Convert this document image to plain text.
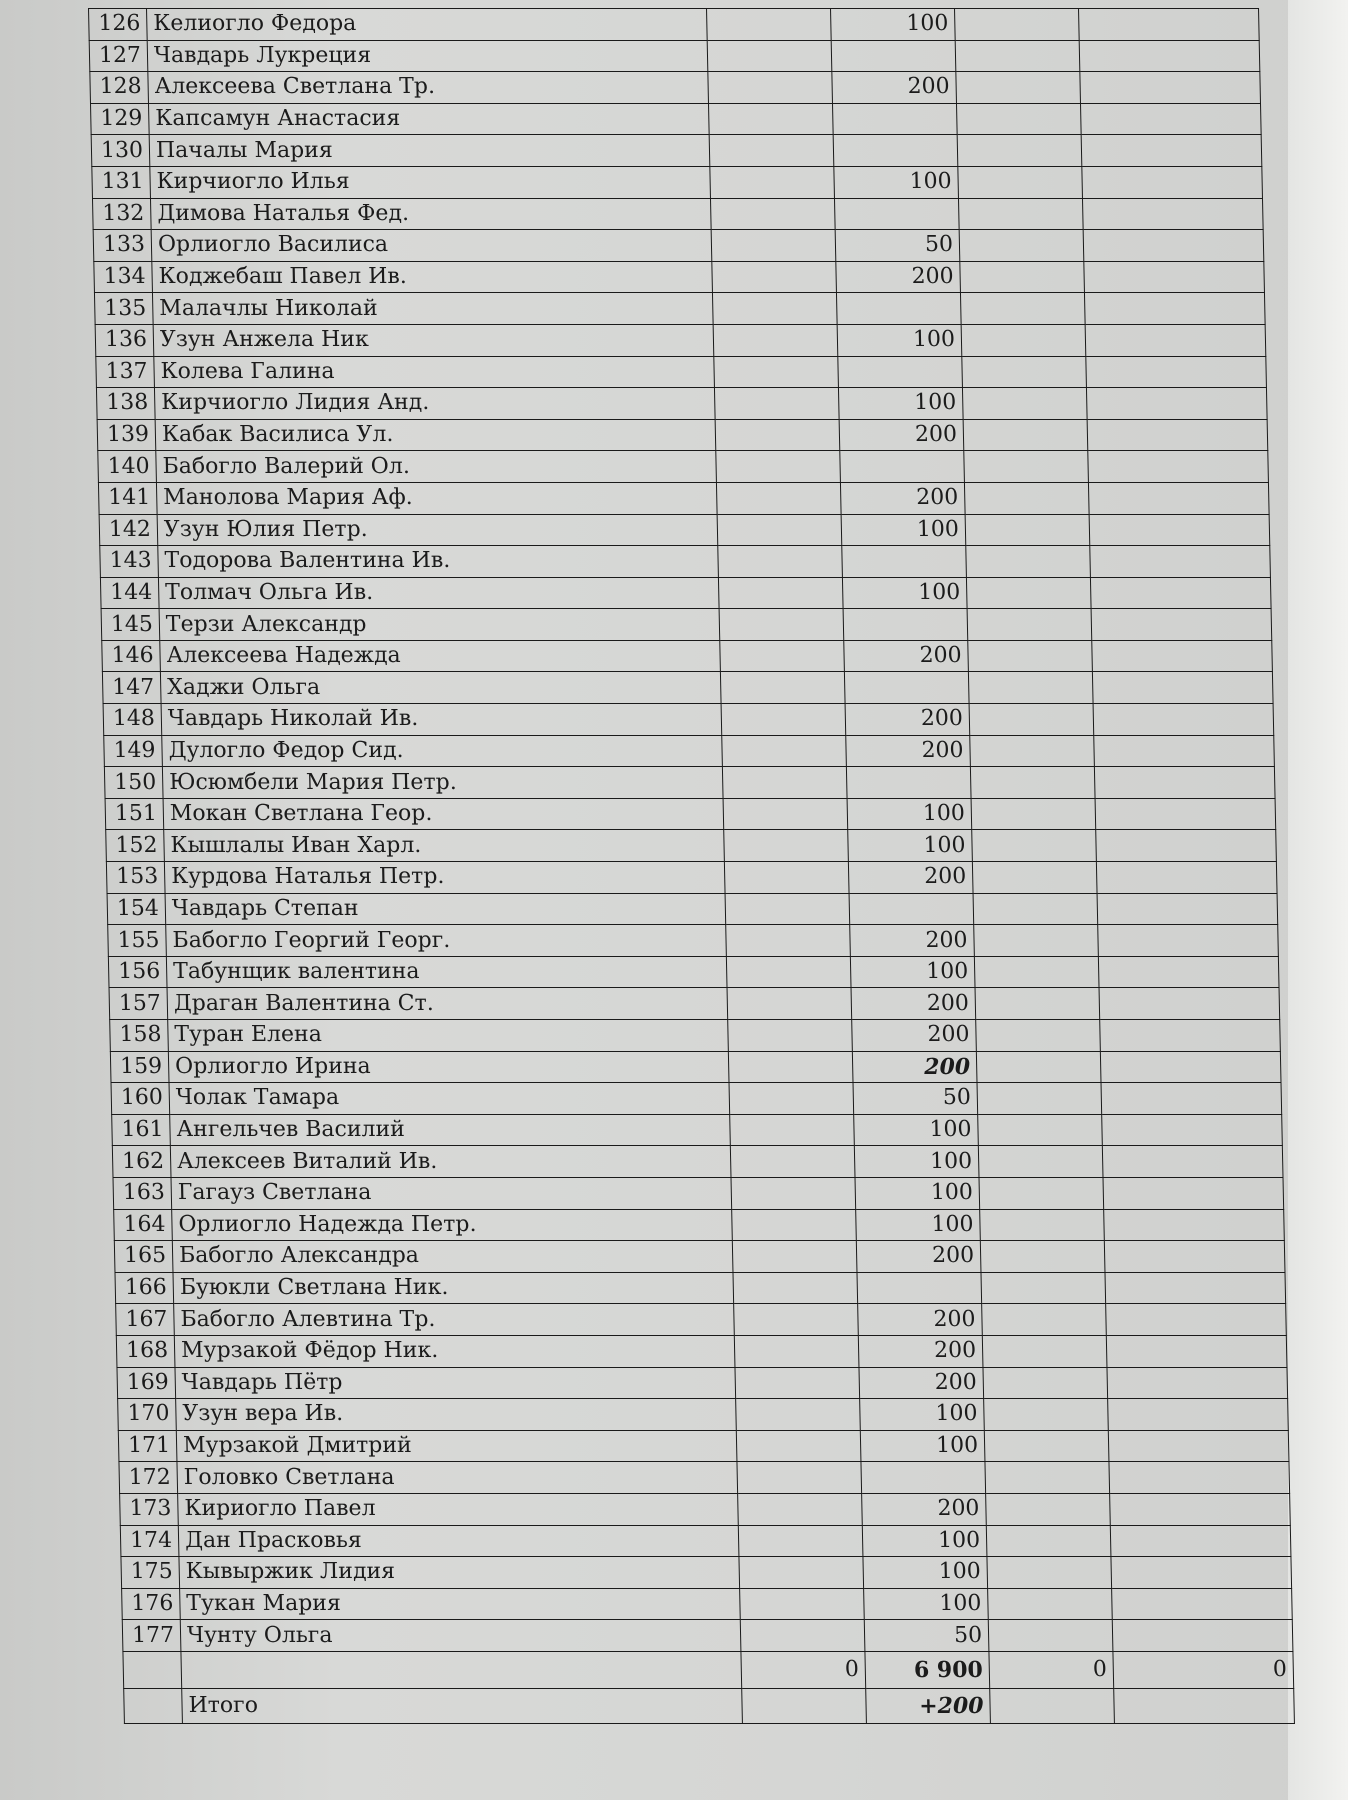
126	Келиогло Федора		100		
127	Чавдарь Лукреция				
128	Алексеева Светлана Тр.		200		
129	Капсамун Анастасия				
130	Пачалы Мария				
131	Кирчиогло Илья		100		
132	Димова Наталья Фед.				
133	Орлиогло Василиса		50		
134	Коджебаш Павел Ив.		200		
135	Малачлы Николай				
136	Узун Анжела Ник		100		
137	Колева Галина				
138	Кирчиогло Лидия Анд.		100		
139	Кабак Василиса Ул.		200		
140	Бабогло Валерий Ол.				
141	Манолова Мария Аф.		200		
142	Узун Юлия Петр.		100		
143	Тодорова Валентина Ив.				
144	Толмач Ольга Ив.		100		
145	Терзи Александр				
146	Алексеева Надежда		200		
147	Хаджи Ольга				
148	Чавдарь Николай Ив.		200		
149	Дулогло Федор Сид.		200		
150	Юсюмбели Мария Петр.				
151	Мокан Светлана Геор.		100		
152	Кышлалы Иван Харл.		100		
153	Курдова Наталья Петр.		200		
154	Чавдарь Степан				
155	Бабогло Георгий Георг.		200		
156	Табунщик валентина		100		
157	Драган Валентина Ст.		200		
158	Туран Елена		200		
159	Орлиогло Ирина		200		
160	Чолак Тамара		50		
161	Ангельчев Василий		100		
162	Алексеев Виталий Ив.		100		
163	Гагауз Светлана		100		
164	Орлиогло Надежда Петр.		100		
165	Бабогло Александра		200		
166	Буюкли Светлана Ник.				
167	Бабогло Алевтина Тр.		200		
168	Мурзакой Фёдор Ник.		200		
169	Чавдарь Пётр		200		
170	Узун вера Ив.		100		
171	Мурзакой Дмитрий		100		
172	Головко Светлана				
173	Кириогло Павел		200		
174	Дан Прасковья		100		
175	Кывыржик Лидия		100		
176	Тукан Мария		100		
177	Чунту Ольга		50		
		0	6 900	0	0
	Итого		+200		
